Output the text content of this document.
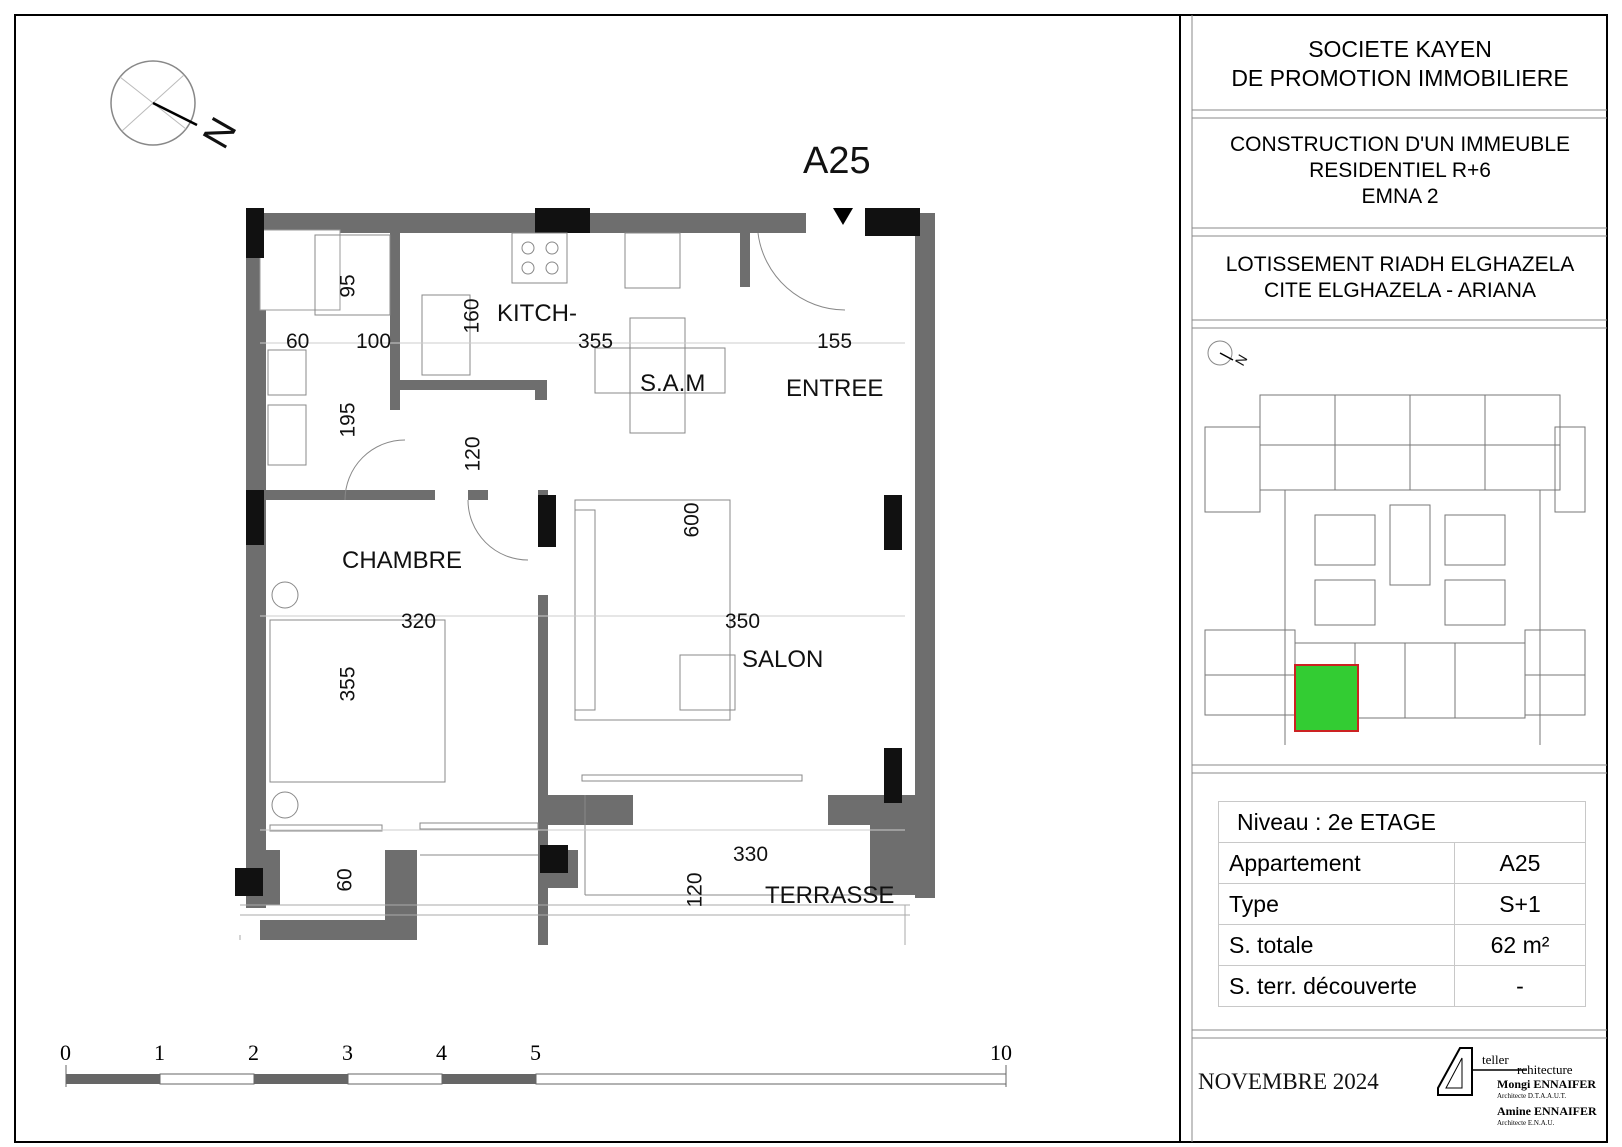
N
A25
KITCH-
S.A.M	ENTREE
CHAMBRE
SALON
TERRASSE
95
160
60 100	355	155
195
120
600
320	350
355
330
60	120
0	1	2	3	4	5	10
SOCIETE KAYEN
DE PROMOTION IMMOBILIERE
CONSTRUCTION D'UN IMMEUBLE
RESIDENTIEL R+6
EMNA 2
LOTISSEMENT RIADH ELGHAZELA
CITE ELGHAZELA - ARIANA
N
Niveau : 2e ETAGE	
Appartement	A25
Type	S+1
S. totale	62 m²
S. terr. découverte	-
NOVEMBRE 2024
teller
rchitecture
Mongi ENNAIFER
Architecte D.T.A.A.U.T.
Amine ENNAIFER
Architecte E.N.A.U.
